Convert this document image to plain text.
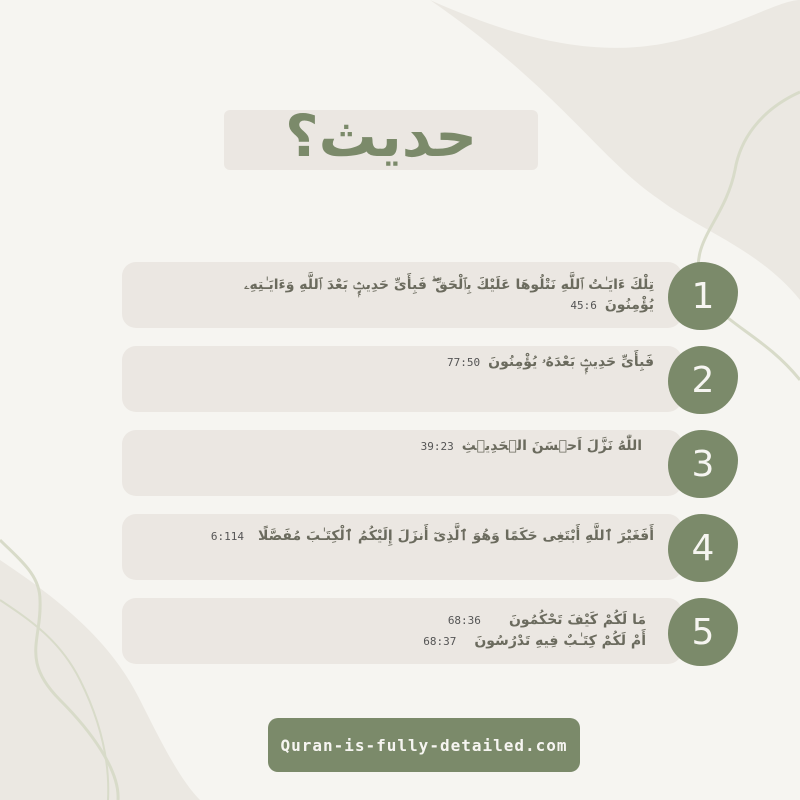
حديث؟
تِلْكَ ءَايَـٰتُ ٱللَّهِ نَتْلُوهَا عَلَيْكَ بِٱلْحَقِّ ۖ فَبِأَىِّ حَدِيثٍۭ بَعْدَ ٱللَّهِ وَءَايَـٰتِهِۦ
يُؤْمِنُونَ45:6	1
فَبِأَىِّ حَدِيثٍۭ بَعْدَهُۥ يُؤْمِنُونَ77:50	2
اللّٰهُ نَزَّلَ اَحۡسَنَ الۡحَدِيۡثِ39:23	3
أَفَغَيْرَ ٱللَّهِ أَبْتَغِى حَكَمًا وَهُوَ ٱلَّذِىٓ أَنزَلَ إِلَيْكُمُ ٱلْكِتَـٰبَ مُفَصَّلًا6:114	4
مَا لَكُمْ كَيْفَ تَحْكُمُونَ68:36
أَمْ لَكُمْ كِتَـٰبٌ فِيهِ تَدْرُسُونَ68:37	5
Quran-is-fully-detailed.com
